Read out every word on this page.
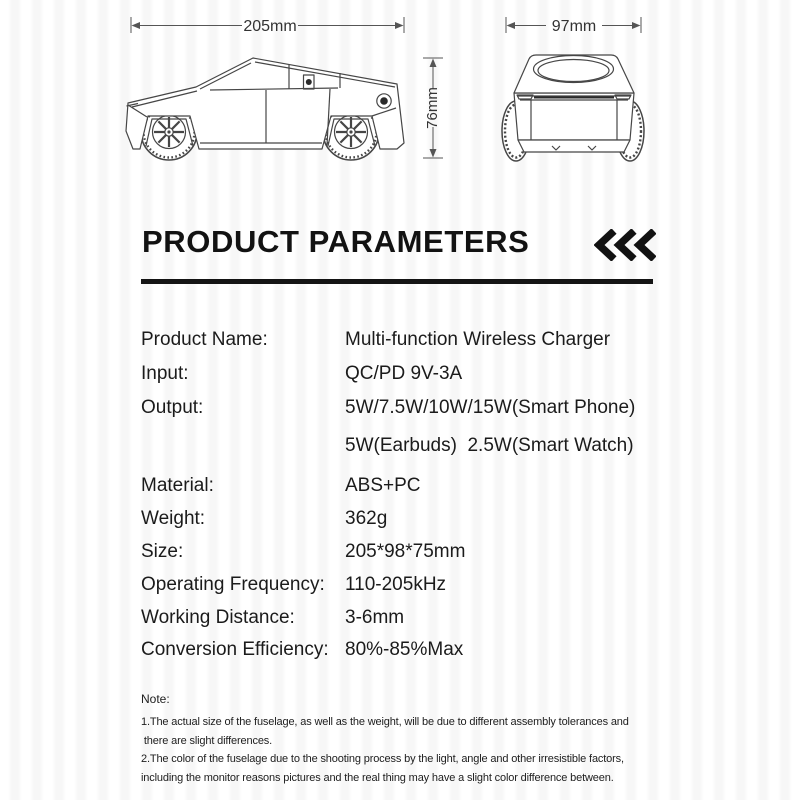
205mm
76mm
97mm
PRODUCT PARAMETERS
Product Name:	Multi-function Wireless Charger
Input:	QC/PD 9V-3A
Output:	5W/7.5W/10W/15W(Smart Phone)
5W(Earbuds)  2.5W(Smart Watch)
Material:	ABS+PC
Weight:	362g
Size:	205*98*75mm
Operating Frequency:	110-205kHz
Working Distance:	3-6mm
Conversion Efficiency: 80%-85%Max
Note:
1.The actual size of the fuselage, as well as the weight, will be due to different assembly tolerances and
there are slight differences.
2.The color of the fuselage due to the shooting process by the light, angle and other irresistible factors,
including the monitor reasons pictures and the real thing may have a slight color difference between.
